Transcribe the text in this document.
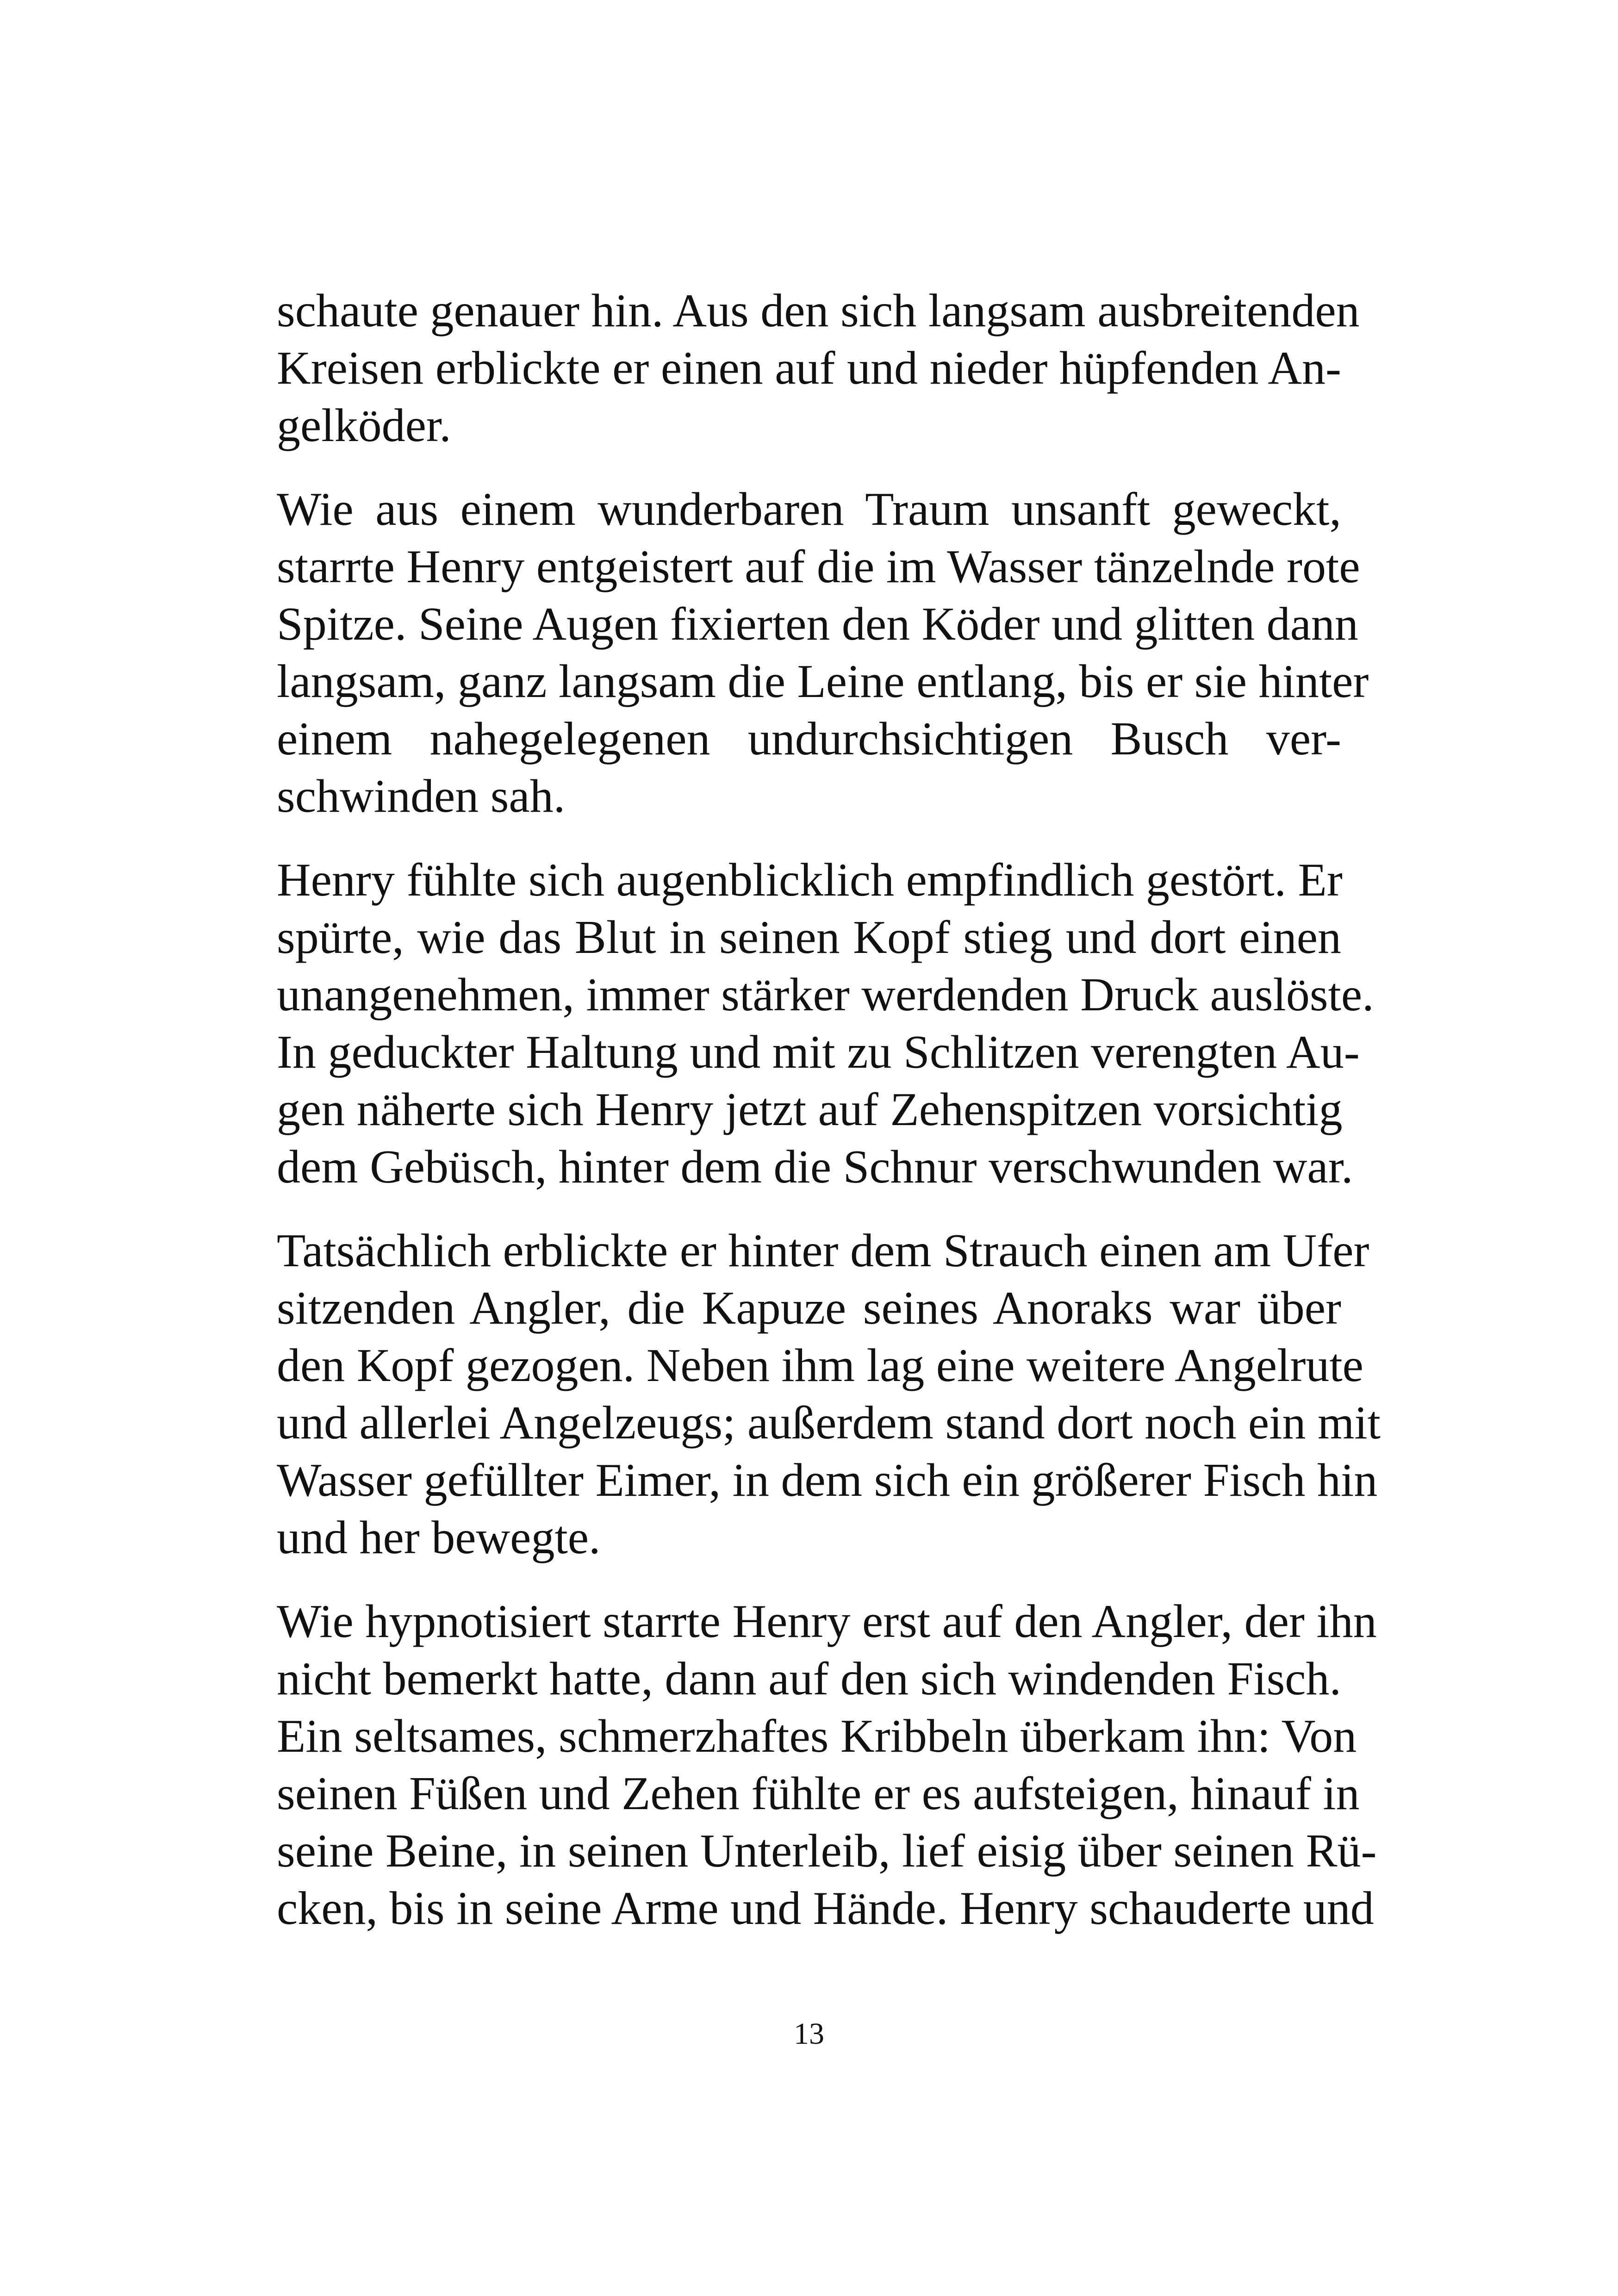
schaute genauer hin. Aus den sich langsam ausbreitenden
Kreisen erblickte er einen auf und nieder hüpfenden An-
gelköder.
Wie aus einem wunderbaren Traum unsanft geweckt,
starrte Henry entgeistert auf die im Wasser tänzelnde rote
Spitze. Seine Augen fixierten den Köder und glitten dann
langsam, ganz langsam die Leine entlang, bis er sie hinter
einem nahegelegenen undurchsichtigen Busch ver-
schwinden sah.
Henry fühlte sich augenblicklich empfindlich gestört. Er
spürte, wie das Blut in seinen Kopf stieg und dort einen
unangenehmen, immer stärker werdenden Druck auslöste.
In geduckter Haltung und mit zu Schlitzen verengten Au-
gen näherte sich Henry jetzt auf Zehenspitzen vorsichtig
dem Gebüsch, hinter dem die Schnur verschwunden war.
Tatsächlich erblickte er hinter dem Strauch einen am Ufer
sitzenden Angler, die Kapuze seines Anoraks war über
den Kopf gezogen. Neben ihm lag eine weitere Angelrute
und allerlei Angelzeugs; außerdem stand dort noch ein mit
Wasser gefüllter Eimer, in dem sich ein größerer Fisch hin
und her bewegte.
Wie hypnotisiert starrte Henry erst auf den Angler, der ihn
nicht bemerkt hatte, dann auf den sich windenden Fisch.
Ein seltsames, schmerzhaftes Kribbeln überkam ihn: Von
seinen Füßen und Zehen fühlte er es aufsteigen, hinauf in
seine Beine, in seinen Unterleib, lief eisig über seinen Rü-
cken, bis in seine Arme und Hände. Henry schauderte und
13
